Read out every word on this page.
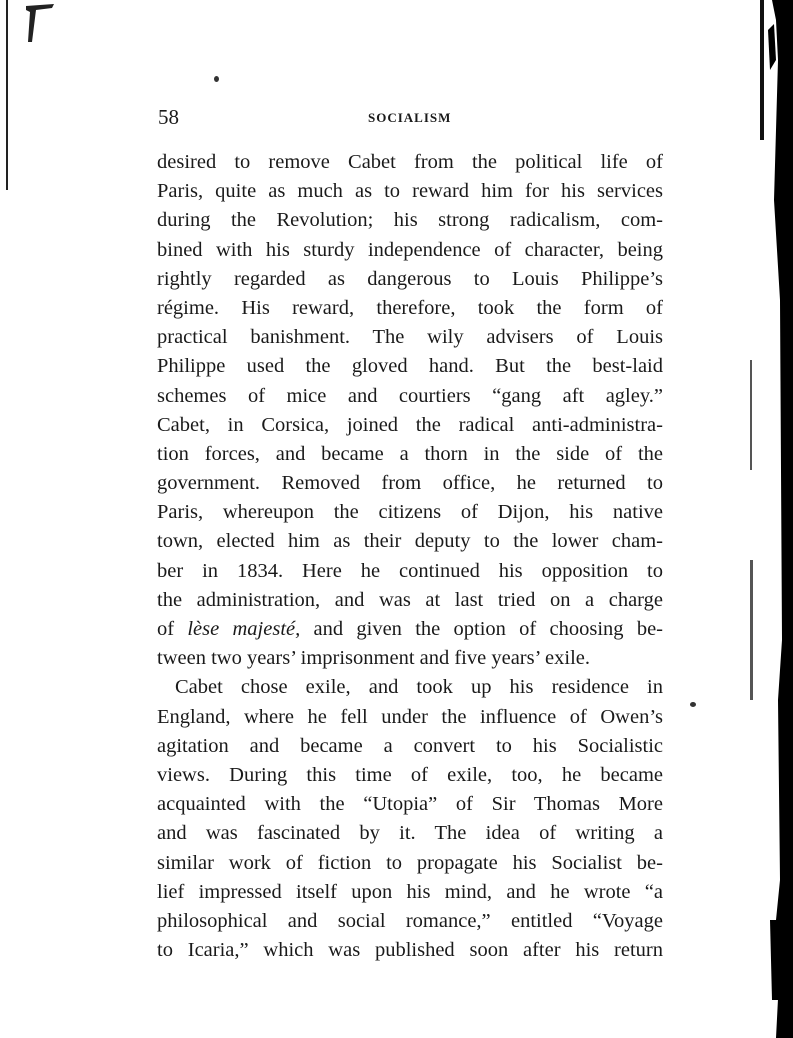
58	SOCIALISM
desired to remove Cabet from the political life of
Paris, quite as much as to reward him for his services
during the Revolution; his strong radicalism, com-
bined with his sturdy independence of character, being
rightly regarded as dangerous to Louis Philippe’s
régime. His reward, therefore, took the form of
practical banishment. The wily advisers of Louis
Philippe used the gloved hand. But the best-laid
schemes of mice and courtiers “gang aft agley.”
Cabet, in Corsica, joined the radical anti-administra-
tion forces, and became a thorn in the side of the
government. Removed from office, he returned to
Paris, whereupon the citizens of Dijon, his native
town, elected him as their deputy to the lower cham-
ber in 1834. Here he continued his opposition to
the administration, and was at last tried on a charge
of lèse majesté, and given the option of choosing be-
tween two years’ imprisonment and five years’ exile.
Cabet chose exile, and took up his residence in
England, where he fell under the influence of Owen’s
agitation and became a convert to his Socialistic
views. During this time of exile, too, he became
acquainted with the “Utopia” of Sir Thomas More
and was fascinated by it. The idea of writing a
similar work of fiction to propagate his Socialist be-
lief impressed itself upon his mind, and he wrote “a
philosophical and social romance,” entitled “Voyage
to Icaria,” which was published soon after his return
